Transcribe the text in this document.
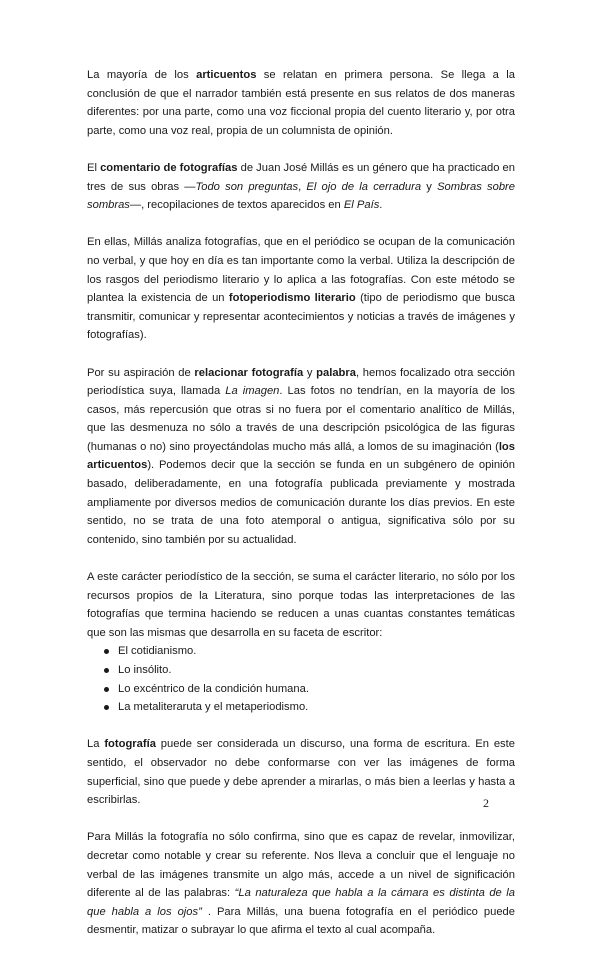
La mayoría de los articuentos se relatan en primera persona. Se llega a la conclusión de que el narrador también está presente en sus relatos de dos maneras diferentes: por una parte, como una voz ficcional propia del cuento literario y, por otra parte, como una voz real, propia de un columnista de opinión.

El comentario de fotografías de Juan José Millás es un género que ha practicado en tres de sus obras —Todo son preguntas, El ojo de la cerradura y Sombras sobre sombras—, recopilaciones de textos aparecidos en El País.

En ellas, Millás analiza fotografías, que en el periódico se ocupan de la comunicación no verbal, y que hoy en día es tan importante como la verbal. Utiliza la descripción de los rasgos del periodismo literario y lo aplica a las fotografías. Con este método se plantea la existencia de un fotoperiodismo literario (tipo de periodismo que busca transmitir, comunicar y representar acontecimientos y noticias a través de imágenes y fotografías).

Por su aspiración de relacionar fotografía y palabra, hemos focalizado otra sección periodística suya, llamada La imagen. Las fotos no tendrían, en la mayoría de los casos, más repercusión que otras si no fuera por el comentario analítico de Millás, que las desmenuza no sólo a través de una descripción psicológica de las figuras (humanas o no) sino proyectándolas mucho más allá, a lomos de su imaginación (los articuentos). Podemos decir que la sección se funda en un subgénero de opinión basado, deliberadamente, en una fotografía publicada previamente y mostrada ampliamente por diversos medios de comunicación durante los días previos. En este sentido, no se trata de una foto atemporal o antigua, significativa sólo por su contenido, sino también por su actualidad.

A este carácter periodístico de la sección, se suma el carácter literario, no sólo por los recursos propios de la Literatura, sino porque todas las interpretaciones de las fotografías que termina haciendo se reducen a unas cuantas constantes temáticas que son las mismas que desarrolla en su faceta de escritor:

El cotidianismo.
Lo insólito.
Lo excéntrico de la condición humana.
La metaliteraruta y el metaperiodismo.

La fotografía puede ser considerada un discurso, una forma de escritura. En este sentido, el observador no debe conformarse con ver las imágenes de forma superficial, sino que puede y debe aprender a mirarlas, o más bien a leerlas y hasta a escribirlas.

Para Millás la fotografía no sólo confirma, sino que es capaz de revelar, inmovilizar, decretar como notable y crear su referente. Nos lleva a concluir que el lenguaje no verbal de las imágenes transmite un algo más, accede a un nivel de significación diferente al de las palabras: “La naturaleza que habla a la cámara es distinta de la que habla a los ojos” . Para Millás, una buena fotografía en el periódico puede desmentir, matizar o subrayar lo que afirma el texto al cual acompaña.

2
